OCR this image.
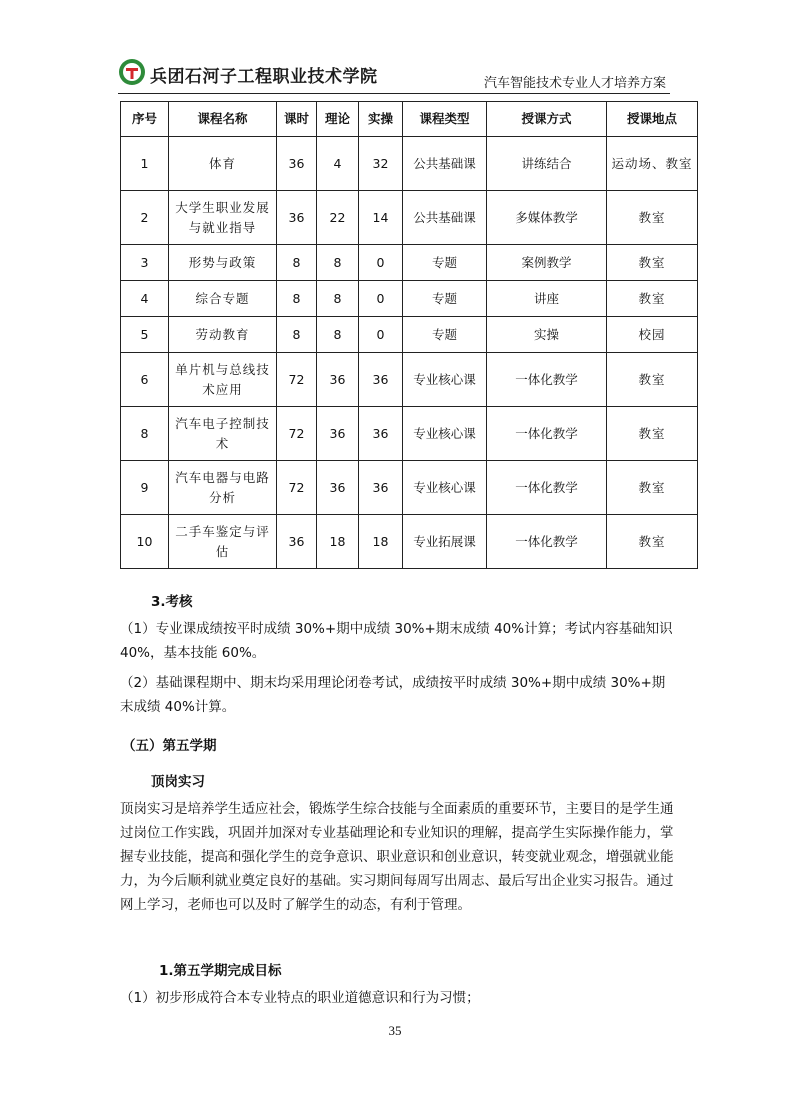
兵团石河子工程职业技术学院	汽车智能技术专业人才培养方案
序号	课程名称	课时	理论	实操	课程类型	授课方式	授课地点
1	体育	36	4	32	公共基础课	讲练结合	运动场、教室
2	大学生职业发展与就业指导	36	22	14	公共基础课	多媒体教学	教室
3	形势与政策	8	8	0	专题	案例教学	教室
4	综合专题	8	8	0	专题	讲座	教室
5	劳动教育	8	8	0	专题	实操	校园
6	单片机与总线技术应用	72	36	36	专业核心课	一体化教学	教室
8	汽车电子控制技术	72	36	36	专业核心课	一体化教学	教室
9	汽车电器与电路分析	72	36	36	专业核心课	一体化教学	教室
10	二手车鉴定与评估	36	18	18	专业拓展课	一体化教学	教室
3.考核
（1）专业课成绩按平时成绩 30%+期中成绩 30%+期末成绩 40%计算；考试内容基础知识 40%，基本技能 60%。
（2）基础课程期中、期末均采用理论闭卷考试，成绩按平时成绩 30%+期中成绩 30%+期末成绩 40%计算。
（五）第五学期
顶岗实习
顶岗实习是培养学生适应社会，锻炼学生综合技能与全面素质的重要环节，主要目的是学生通过岗位工作实践，巩固并加深对专业基础理论和专业知识的理解，提高学生实际操作能力，掌握专业技能，提高和强化学生的竞争意识、职业意识和创业意识，转变就业观念，增强就业能力，为今后顺利就业奠定良好的基础。实习期间每周写出周志、最后写出企业实习报告。通过网上学习，老师也可以及时了解学生的动态，有利于管理。
1.第五学期完成目标
（1）初步形成符合本专业特点的职业道德意识和行为习惯；
35
